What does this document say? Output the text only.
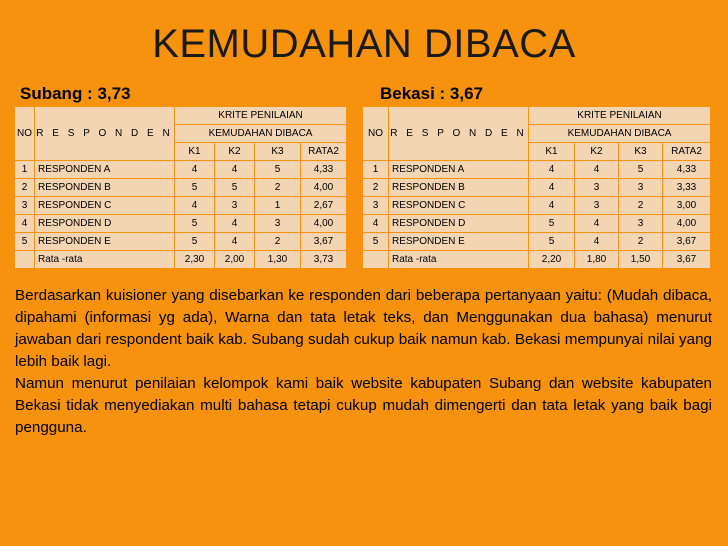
KEMUDAHAN DIBACA
Subang : 3,73	Bekasi : 3,67
NO	R E S P O N D E N	KRITE PENILAIAN			
		KEMUDAHAN DIBACA			
		K1	K2	K3	RATA2
1	RESPONDEN A	4	4	5	4,33
2	RESPONDEN B	5	5	2	4,00
3	RESPONDEN C	4	3	1	2,67
4	RESPONDEN D	5	4	3	4,00
5	RESPONDEN E	5	4	2	3,67
	Rata -rata	2,30	2,00	1,30	3,73
NO	R E S P O N D E N	KRITE PENILAIAN			
		KEMUDAHAN DIBACA			
		K1	K2	K3	RATA2
1	RESPONDEN A	4	4	5	4,33
2	RESPONDEN B	4	3	3	3,33
3	RESPONDEN C	4	3	2	3,00
4	RESPONDEN D	5	4	3	4,00
5	RESPONDEN E	5	4	2	3,67
	Rata -rata	2,20	1,80	1,50	3,67
Berdasarkan kuisioner yang disebarkan ke responden dari beberapa pertanyaan yaitu: (Mudah dibaca, dipahami (informasi yg ada), Warna dan tata letak teks, dan Menggunakan dua bahasa) menurut jawaban dari respondent baik kab. Subang sudah cukup baik namun kab. Bekasi mempunyai nilai yang lebih baik lagi.
Namun menurut penilaian kelompok kami baik website kabupaten Subang dan website kabupaten Bekasi tidak menyediakan multi bahasa tetapi cukup mudah dimengerti dan tata letak yang baik bagi pengguna.
